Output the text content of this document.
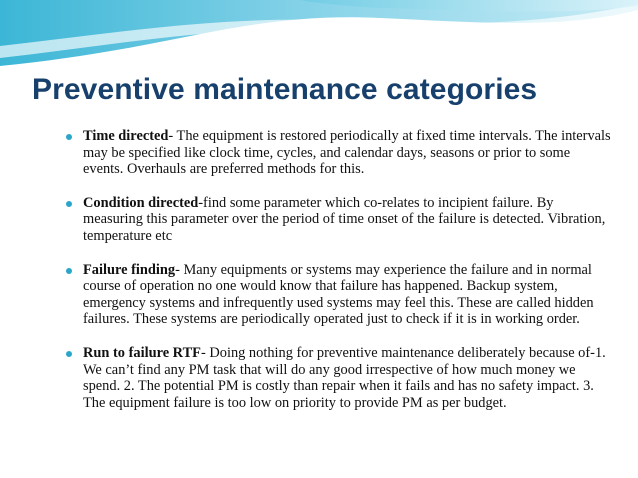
Preventive maintenance categories
Time directed- The equipment is restored periodically at fixed time intervals. The intervals may be specified like clock time, cycles, and calendar days, seasons or prior to some events. Overhauls are preferred methods for this.
Condition directed-find some parameter which co-relates to incipient failure. By measuring this parameter over the period of time onset of the failure is detected. Vibration, temperature etc
Failure finding- Many equipments or systems may experience the failure and in normal course of operation no one would know that failure has happened. Backup system, emergency systems and infrequently used systems may feel this. These are called hidden failures. These systems are periodically operated just to check if it is in working order.
Run to failure RTF- Doing nothing for preventive maintenance deliberately because of-1. We can’t find any PM task that will do any good irrespective of how much money we spend. 2. The potential PM is costly than repair when it fails and has no safety impact. 3. The equipment failure is too low on priority to provide PM as per budget.
